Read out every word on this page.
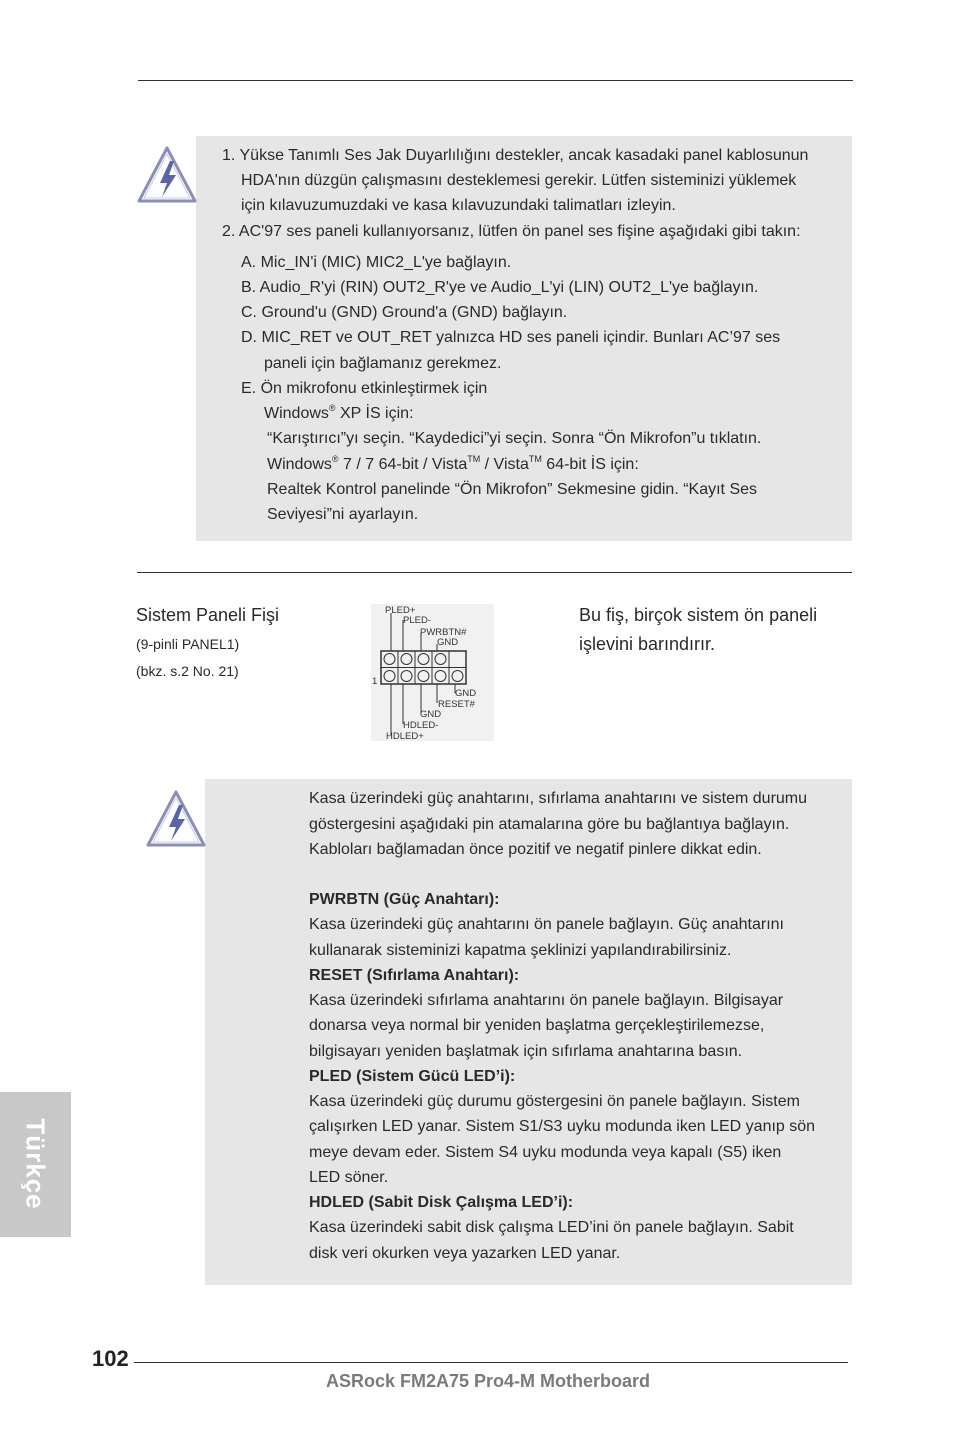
1. Yükse Tanımlı Ses Jak Duyarlılığını destekler, ancak kasadaki panel kablosunun
HDA'nın düzgün çalışmasını desteklemesi gerekir. Lütfen sisteminizi yüklemek
için kılavuzumuzdaki ve kasa kılavuzundaki talimatları izleyin.
2. AC'97 ses paneli kullanıyorsanız, lütfen ön panel ses fişine aşağıdaki gibi takın:
A. Mic_IN'i (MIC) MIC2_L'ye bağlayın.
B. Audio_R'yi (RIN) OUT2_R'ye ve Audio_L'yi (LIN) OUT2_L'ye bağlayın.
C. Ground'u (GND) Ground'a (GND) bağlayın.
D. MIC_RET ve OUT_RET yalnızca HD ses paneli içindir. Bunları AC’97 ses
paneli için bağlamanız gerekmez.
E. Ön mikrofonu etkinleştirmek için
Windows® XP İS için:
“Karıştırıcı”yı seçin. “Kaydedici”yi seçin. Sonra “Ön Mikrofon”u tıklatın.
Windows® 7 / 7 64-bit / Vista™ / Vista™ 64-bit İS için:
Realtek Kontrol panelinde “Ön Mikrofon” Sekmesine gidin. “Kayıt Ses
Seviyesi”ni ayarlayın.
Sistem Paneli Fişi
(9-pinli PANEL1)
(bkz. s.2 No. 21)
Bu fiş, birçok sistem ön paneli
işlevini barındırır.
PLED+
PLED-
PWRBTN#
GND
1
GND
RESET#
GND
HDLED-
HDLED+
Kasa üzerindeki güç anahtarını, sıfırlama anahtarını ve sistem durumu
göstergesini aşağıdaki pin atamalarına göre bu bağlantıya bağlayın.
Kabloları bağlamadan önce pozitif ve negatif pinlere dikkat edin.
PWRBTN (Güç Anahtarı):
Kasa üzerindeki güç anahtarını ön panele bağlayın. Güç anahtarını
kullanarak sisteminizi kapatma şeklinizi yapılandırabilirsiniz.
RESET (Sıfırlama Anahtarı):
Kasa üzerindeki sıfırlama anahtarını ön panele bağlayın. Bilgisayar
donarsa veya normal bir yeniden başlatma gerçekleştirilemezse,
bilgisayarı yeniden başlatmak için sıfırlama anahtarına basın.
PLED (Sistem Gücü LED’i):
Kasa üzerindeki güç durumu göstergesini ön panele bağlayın. Sistem
çalışırken LED yanar. Sistem S1/S3 uyku modunda iken LED yanıp sön
meye devam eder. Sistem S4 uyku modunda veya kapalı (S5) iken
LED söner.
HDLED (Sabit Disk Çalışma LED’i):
Kasa üzerindeki sabit disk çalışma LED’ini ön panele bağlayın. Sabit
disk veri okurken veya yazarken LED yanar.
Türkçe
102
ASRock FM2A75 Pro4-M Motherboard
